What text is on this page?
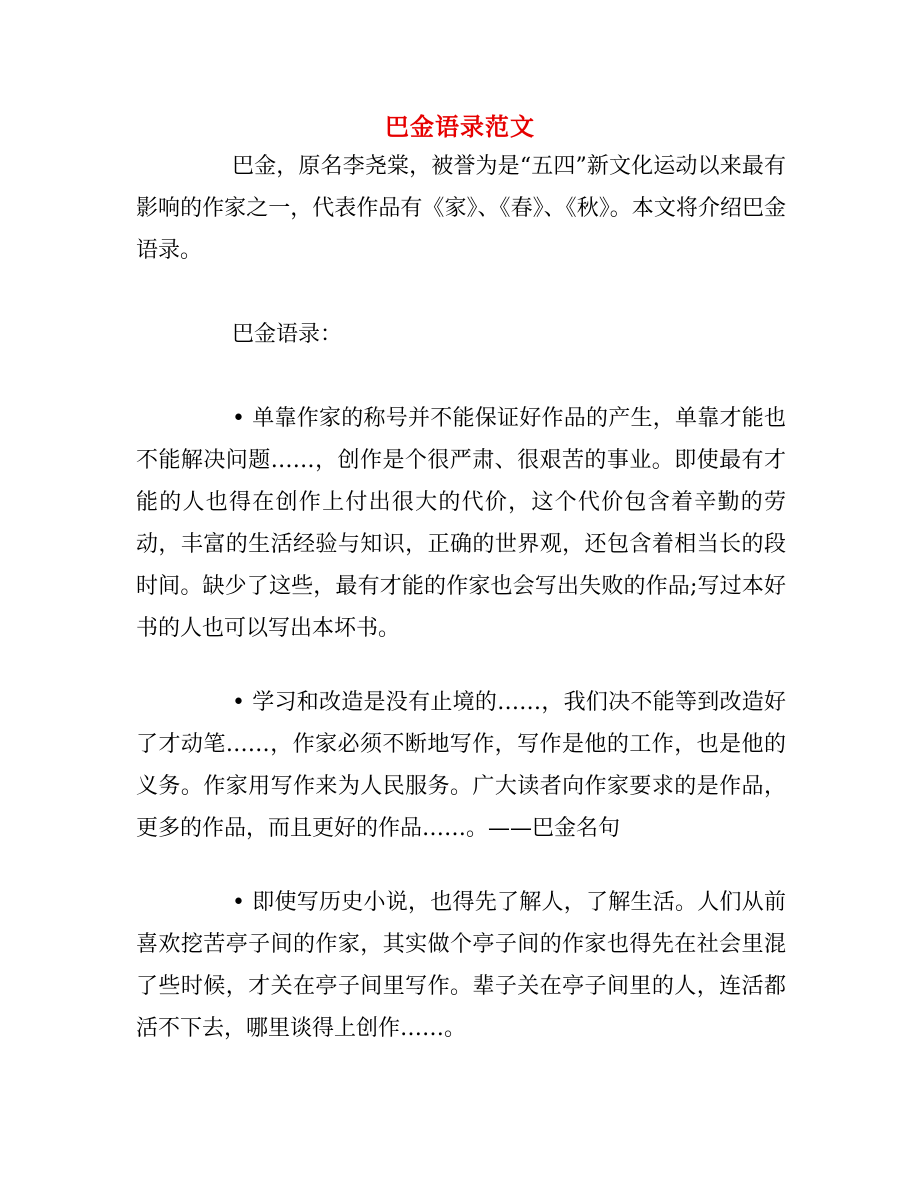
巴金语录范文

巴金，原名李尧棠，被誉为是“五四”新文化运动以来最有影响的作家之一，代表作品有《家》、《春》、《秋》。本文将介绍巴金语录。

巴金语录：

• 单靠作家的称号并不能保证好作品的产生，单靠才能也不能解决问题……，创作是个很严肃、很艰苦的事业。即使最有才能的人也得在创作上付出很大的代价，这个代价包含着辛勤的劳动，丰富的生活经验与知识，正确的世界观，还包含着相当长的段时间。缺少了这些，最有才能的作家也会写出失败的作品;写过本好书的人也可以写出本坏书。

• 学习和改造是没有止境的……，我们决不能等到改造好了才动笔……，作家必须不断地写作，写作是他的工作，也是他的义务。作家用写作来为人民服务。广大读者向作家要求的是作品，更多的作品，而且更好的作品……。——巴金名句

• 即使写历史小说，也得先了解人，了解生活。人们从前喜欢挖苦亭子间的作家，其实做个亭子间的作家也得先在社会里混了些时候，才关在亭子间里写作。辈子关在亭子间里的人，连活都活不下去，哪里谈得上创作……。
